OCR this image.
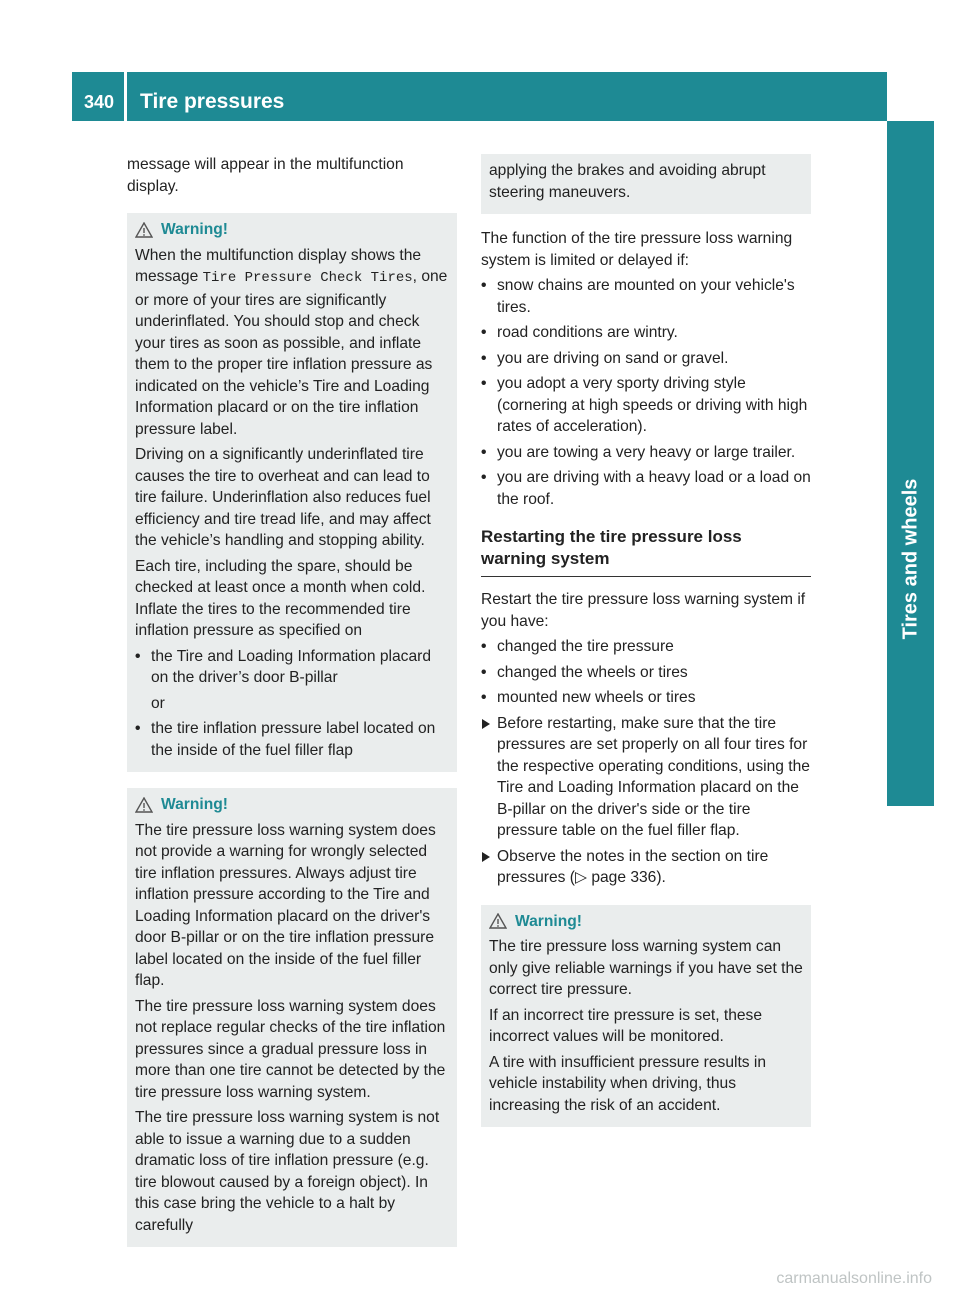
340 Tire pressures
Tires and wheels

message will appear in the multifunction display.

Warning!

When the multifunction display shows the message Tire Pressure Check Tires, one or more of your tires are significantly underinflated. You should stop and check your tires as soon as possible, and inflate them to the proper tire inflation pressure as indicated on the vehicle’s Tire and Loading Information placard or on the tire inflation pressure label.

Driving on a significantly underinflated tire causes the tire to overheat and can lead to tire failure. Underinflation also reduces fuel efficiency and tire tread life, and may affect the vehicle’s handling and stopping ability.

Each tire, including the spare, should be checked at least once a month when cold. Inflate the tires to the recommended tire inflation pressure as specified on

• the Tire and Loading Information placard on the driver’s door B-pillar
or
• the tire inflation pressure label located on the inside of the fuel filler flap
Warning!

The tire pressure loss warning system does not provide a warning for wrongly selected tire inflation pressures. Always adjust tire inflation pressure according to the Tire and Loading Information placard on the driver's door B-pillar or on the tire inflation pressure label located on the inside of the fuel filler flap.

The tire pressure loss warning system does not replace regular checks of the tire inflation pressures since a gradual pressure loss in more than one tire cannot be detected by the tire pressure loss warning system.

The tire pressure loss warning system is not able to issue a warning due to a sudden dramatic loss of tire inflation pressure (e.g. tire blowout caused by a foreign object). In this case bring the vehicle to a halt by carefully

applying the brakes and avoiding abrupt steering maneuvers.

The function of the tire pressure loss warning system is limited or delayed if:

• snow chains are mounted on your vehicle's tires.
• road conditions are wintry.
• you are driving on sand or gravel.
• you adopt a very sporty driving style (cornering at high speeds or driving with high rates of acceleration).
• you are towing a very heavy or large trailer.
• you are driving with a heavy load or a load on the roof.
Restarting the tire pressure loss warning system

Restart the tire pressure loss warning system if you have:

• changed the tire pressure
• changed the wheels or tires
• mounted new wheels or tires
Before restarting, make sure that the tire pressures are set properly on all four tires for the respective operating conditions, using the Tire and Loading Information placard on the B-pillar on the driver's side or the tire pressure table on the fuel filler flap.
Observe the notes in the section on tire pressures (▷ page 336).
Warning!

The tire pressure loss warning system can only give reliable warnings if you have set the correct tire pressure.

If an incorrect tire pressure is set, these incorrect values will be monitored.

A tire with insufficient pressure results in vehicle instability when driving, thus increasing the risk of an accident.

carmanualsonline.info
